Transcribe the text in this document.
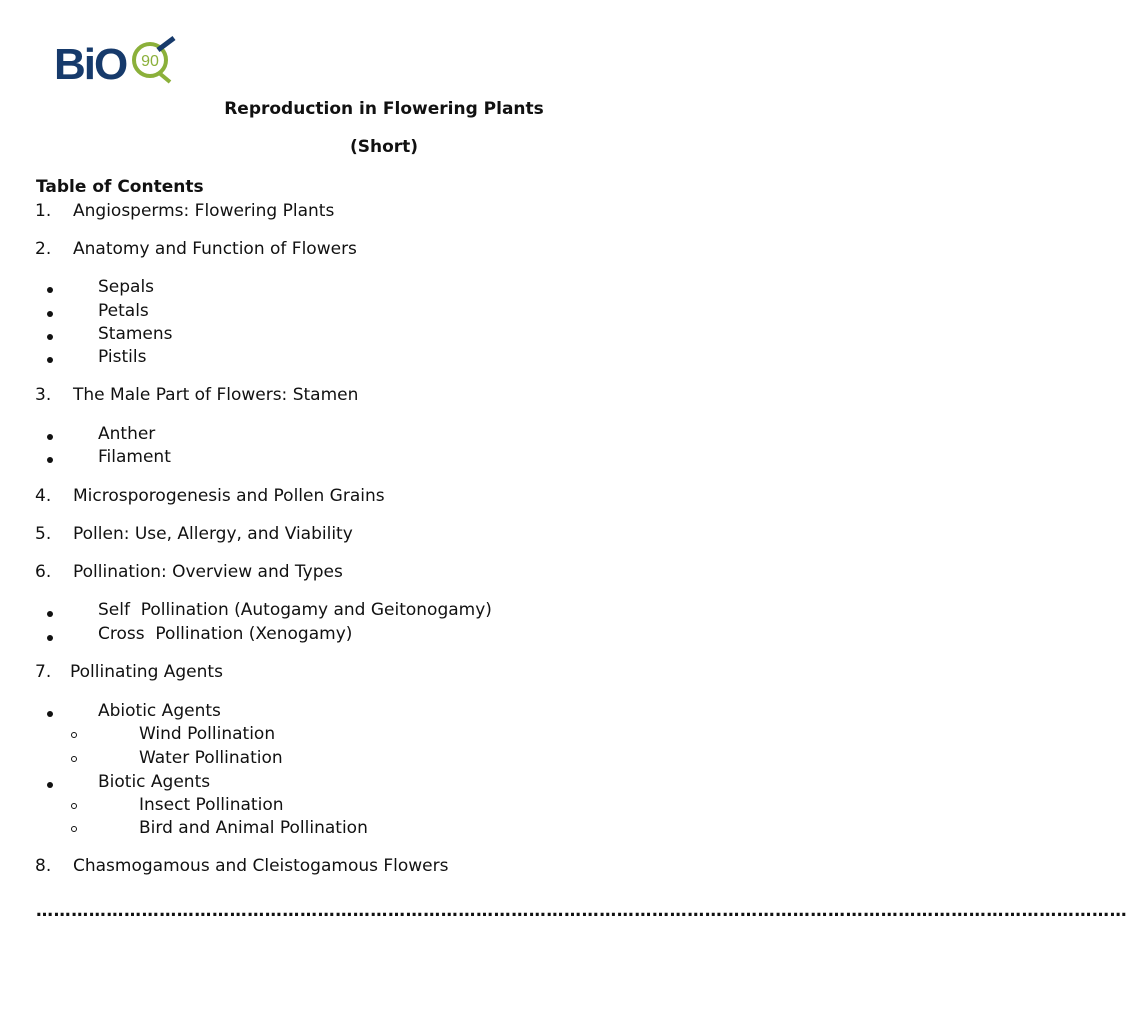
BiO 90
Reproduction in Flowering Plants
(Short)
Table of Contents
1. Angiosperms: Flowering Plants
2. Anatomy and Function of Flowers
Sepals
Petals
Stamens
Pistils
3. The Male Part of Flowers: Stamen
Anther
Filament
4. Microsporogenesis and Pollen Grains
5. Pollen: Use, Allergy, and Viability
6. Pollination: Overview and Types
Self  Pollination (Autogamy and Geitonogamy)
Cross  Pollination (Xenogamy)
7. Pollinating Agents
Abiotic Agents
Wind Pollination
Water Pollination
Biotic Agents
Insect Pollination
Bird and Animal Pollination
8. Chasmogamous and Cleistogamous Flowers
……………………………………………………………………………………………………………………………………………………………………
